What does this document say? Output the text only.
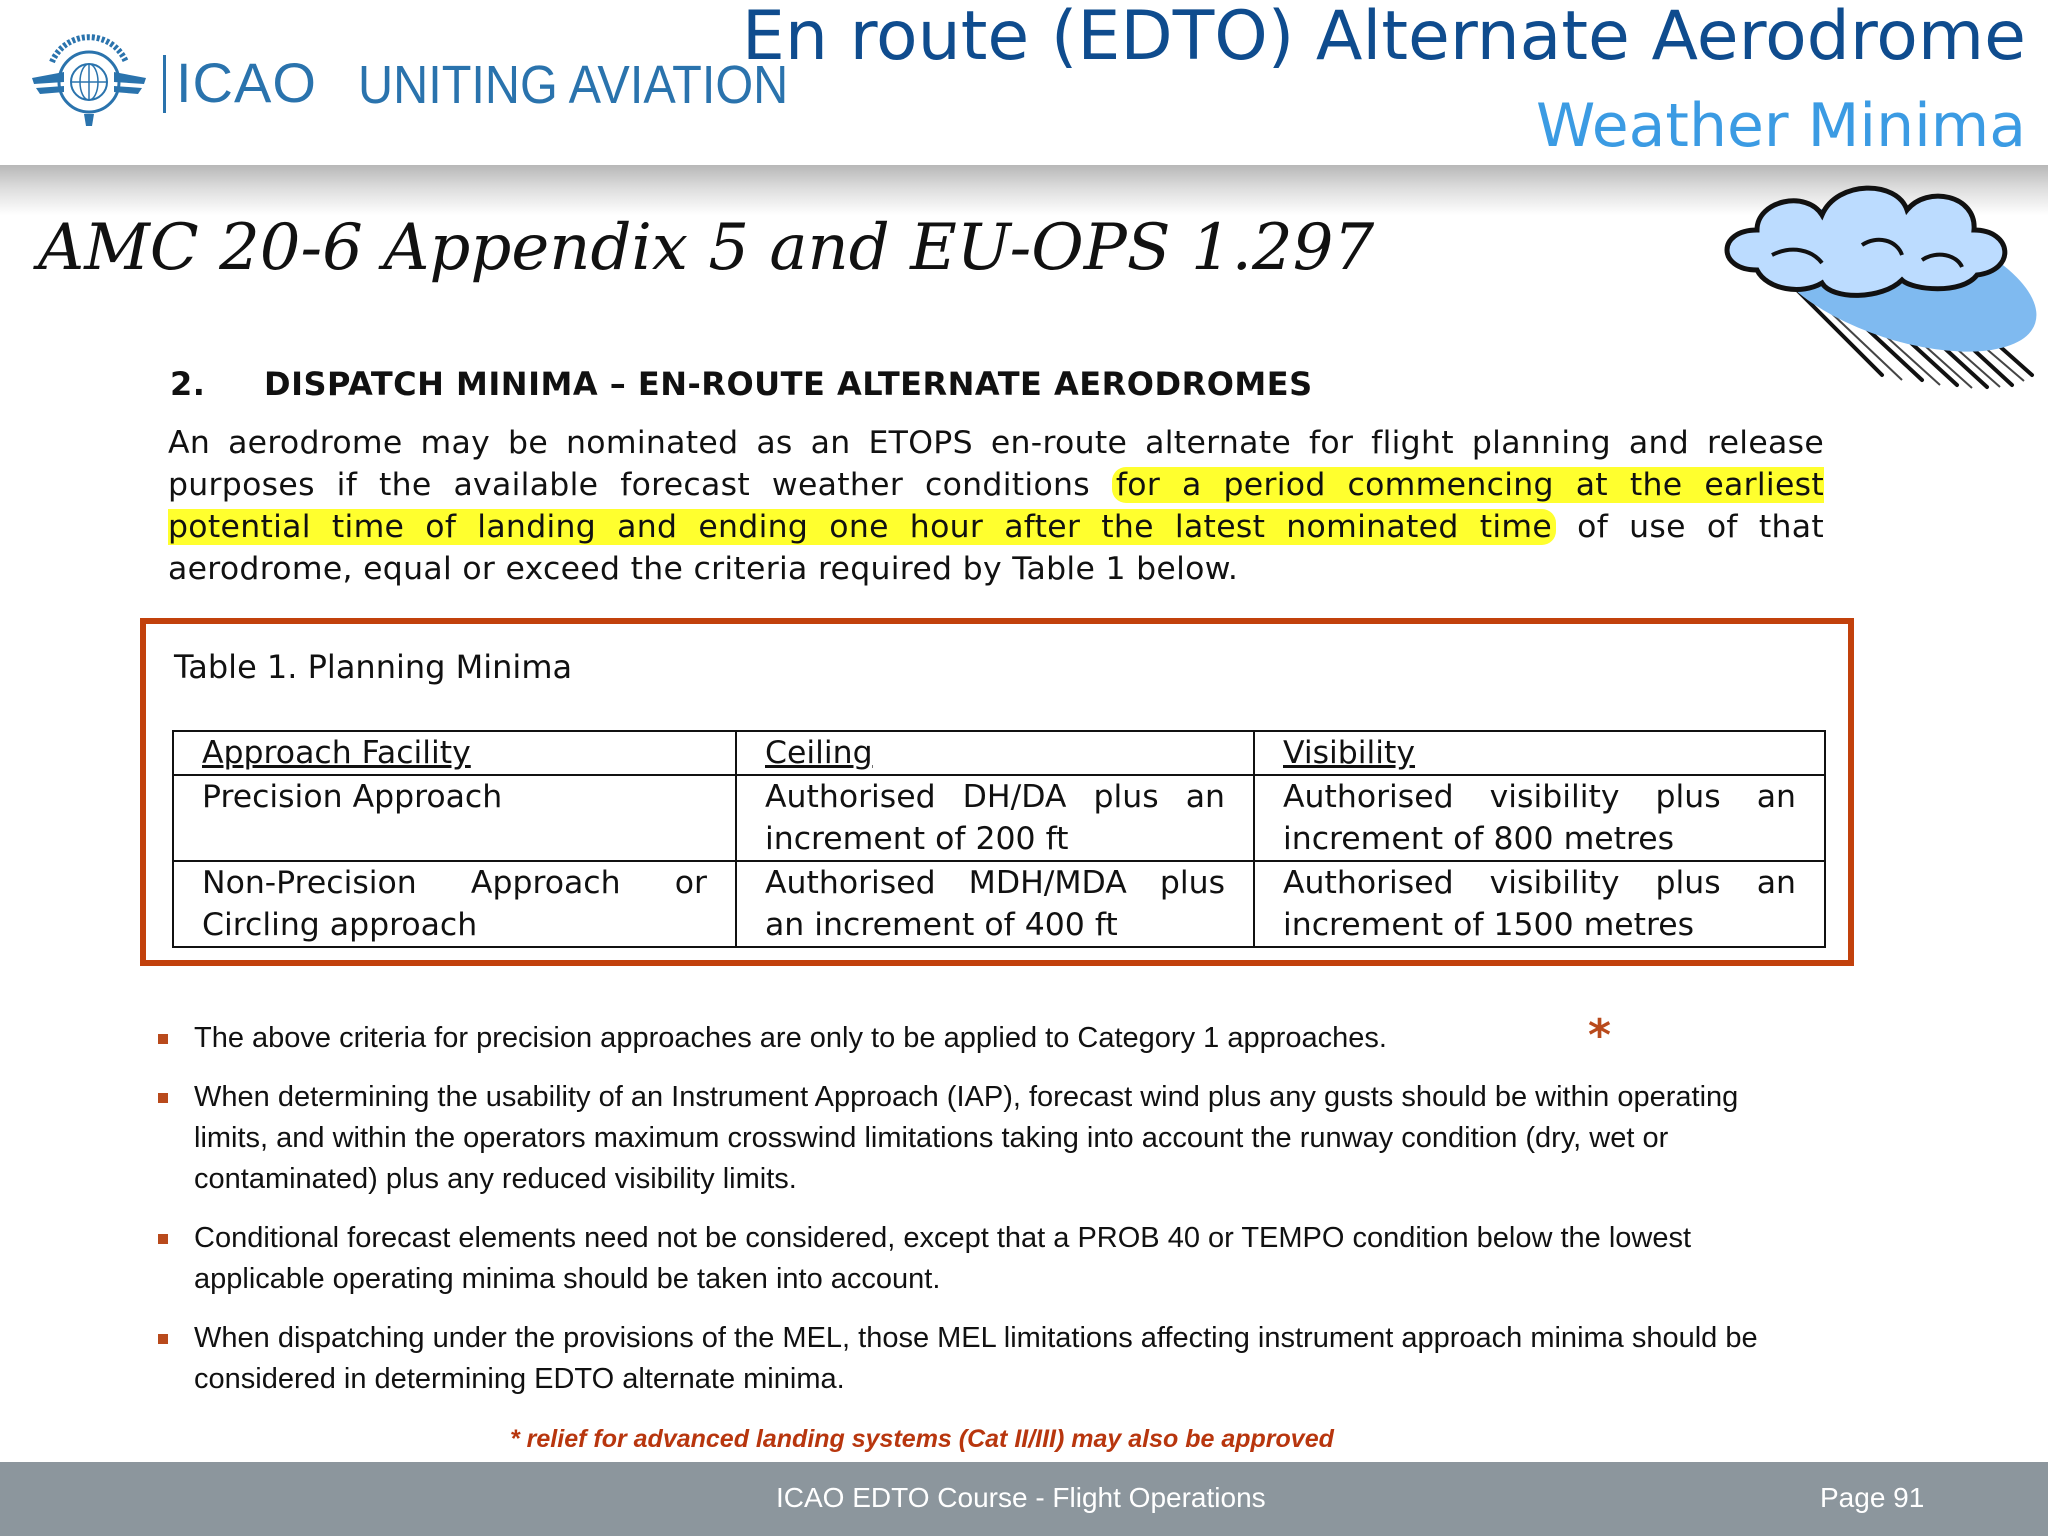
ICAO UNITING AVIATION
En route (EDTO) Alternate Aerodrome
Weather Minima
AMC 20-6 Appendix 5 and EU-OPS 1.297
2. DISPATCH MINIMA – EN-ROUTE ALTERNATE AERODROMES

An aerodrome may be nominated as an ETOPS en-route alternate for flight planning and release purposes if the available forecast weather conditions for a period commencing at the earliest potential time of landing and ending one hour after the latest nominated time of use of that aerodrome, equal or exceed the criteria required by Table 1 below.

Table 1. Planning Minima
Approach Facility	Ceiling	Visibility
Precision Approach	Authorised DH/DA plus an increment of 200 ft	Authorised visibility plus an increment of 800 metres
Non-Precision Approach or Circling approach	Authorised MDH/MDA plus an increment of 400 ft	Authorised visibility plus an increment of 1500 metres
The above criteria for precision approaches are only to be applied to Category 1 approaches.
When determining the usability of an Instrument Approach (IAP), forecast wind plus any gusts should be within operating limits, and within the operators maximum crosswind limitations taking into account the runway condition (dry, wet or contaminated) plus any reduced visibility limits.
Conditional forecast elements need not be considered, except that a PROB 40 or TEMPO condition below the lowest applicable operating minima should be taken into account.
When dispatching under the provisions of the MEL, those MEL limitations affecting instrument approach minima should be considered in determining EDTO alternate minima.
*
* relief for advanced landing systems (Cat II/III) may also be approved
ICAO EDTO Course - Flight Operations	Page 91
